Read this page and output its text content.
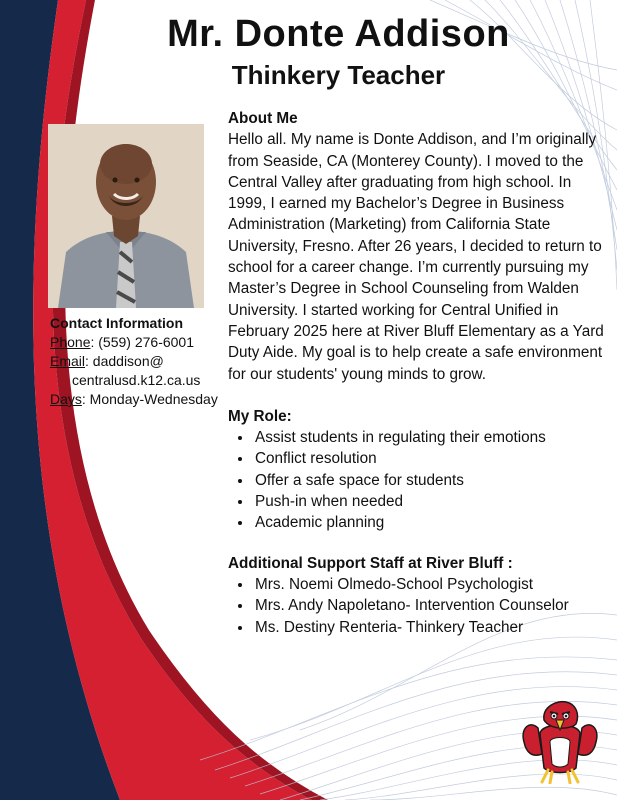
Mr. Donte Addison
Thinkery Teacher
Contact Information
Phone: (559) 276-6001
Email: daddison@ centralusd.k12.ca.us
Days: Monday-Wednesday
About Me

Hello all. My name is Donte Addison, and I’m originally from Seaside, CA (Monterey County). I moved to the Central Valley after graduating from high school. In 1999, I earned my Bachelor’s Degree in Business Administration (Marketing) from California State University, Fresno. After 26 years, I decided to return to school for a career change. I’m currently pursuing my Master’s Degree in School Counseling from Walden University. I started working for Central Unified in February 2025 here at River Bluff Elementary as a Yard Duty Aide. My goal is to help create a safe environment for our students' young minds to grow.

My Role:
• Assist students in regulating their emotions
• Conflict resolution
• Offer a safe space for students
• Push-in when needed
• Academic planning
Additional Support Staff at River Bluff :
• Mrs. Noemi Olmedo-School Psychologist
• Mrs. Andy Napoletano- Intervention Counselor
• Ms. Destiny Renteria- Thinkery Teacher
